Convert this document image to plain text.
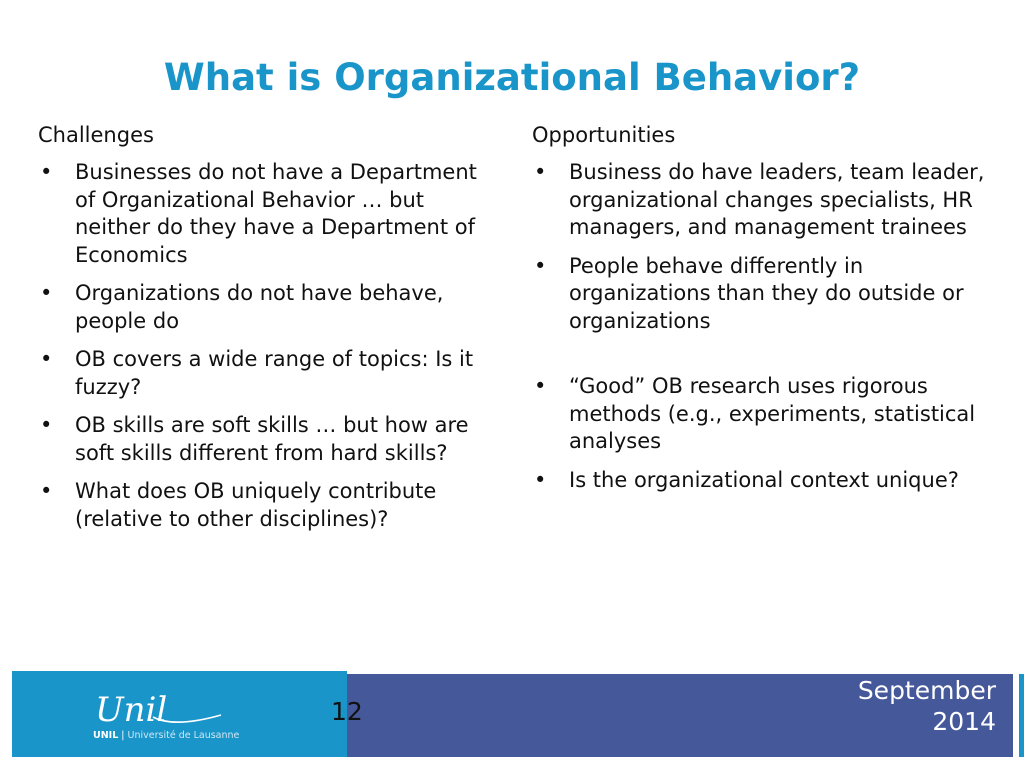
What is Organizational Behavior?

Challenges

• Businesses do not have a Department of Organizational Behavior … but neither do they have a Department of Economics
• Organizations do not have behave, people do
• OB covers a wide range of topics: Is it fuzzy?
• OB skills are soft skills … but how are soft skills different from hard skills?
• What does OB uniquely contribute (relative to other disciplines)?

Opportunities

• Business do have leaders, team leader, organizational changes specialists, HR managers, and management trainees
• People behave differently in organizations than they do outside or organizations
• “Good” OB research uses rigorous methods (e.g., experiments, statistical analyses
• Is the organizational context unique?
Unil
UNIL | Université de Lausanne
12
September
2014
